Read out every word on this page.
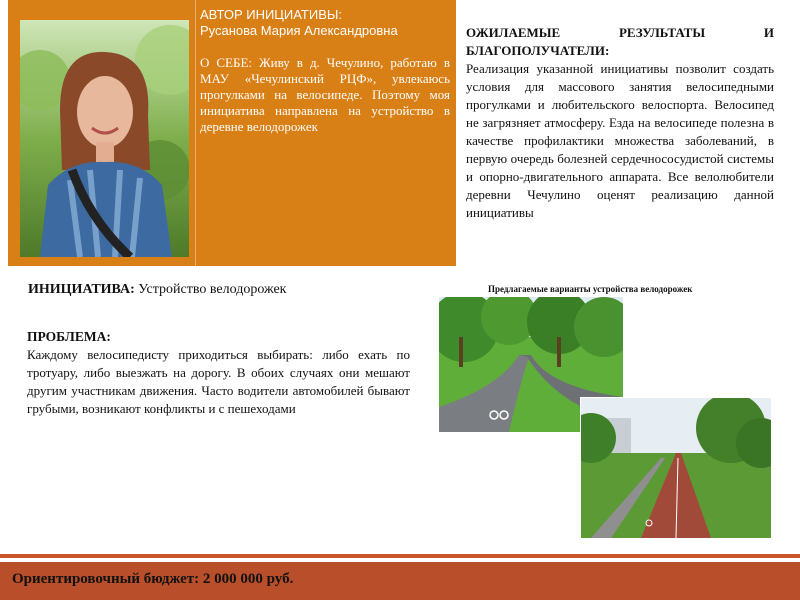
АВТОР ИНИЦИАТИВЫ:

Русанова Мария Александровна

О СЕБЕ: Живу в д. Чечулино, работаю в МАУ «Чечулинский РЦФ», увлекаюсь прогулками на велосипеде. Поэтому моя инициатива направлена на устройство в деревне велодорожек

ОЖИЛАЕМЫЕ РЕЗУЛЬТАТЫ И БЛАГОПОЛУЧАТЕЛИ:

Реализация указанной инициативы позволит создать условия для массового занятия велосипедными прогулками и любительского велоспорта. Велосипед не загрязняет атмосферу. Езда на велосипеде полезна в качестве профилактики множества заболеваний, в первую очередь болезней сердечнососудистой системы и опорно-двигательного аппарата. Все велолюбители деревни Чечулино оценят реализацию данной инициативы

ИНИЦИАТИВА: Устройство велодорожек

ПРОБЛЕМА:

Каждому велосипедисту приходиться выбирать: либо ехать по тротуару, либо выезжать на дорогу. В обоих случаях они мешают другим участникам движения. Часто водители автомобилей бывают грубыми, возникают конфликты и с пешеходами

Предлагаемые варианты устройства велодорожек
Ориентировочный бюджет: 2 000 000 руб.
